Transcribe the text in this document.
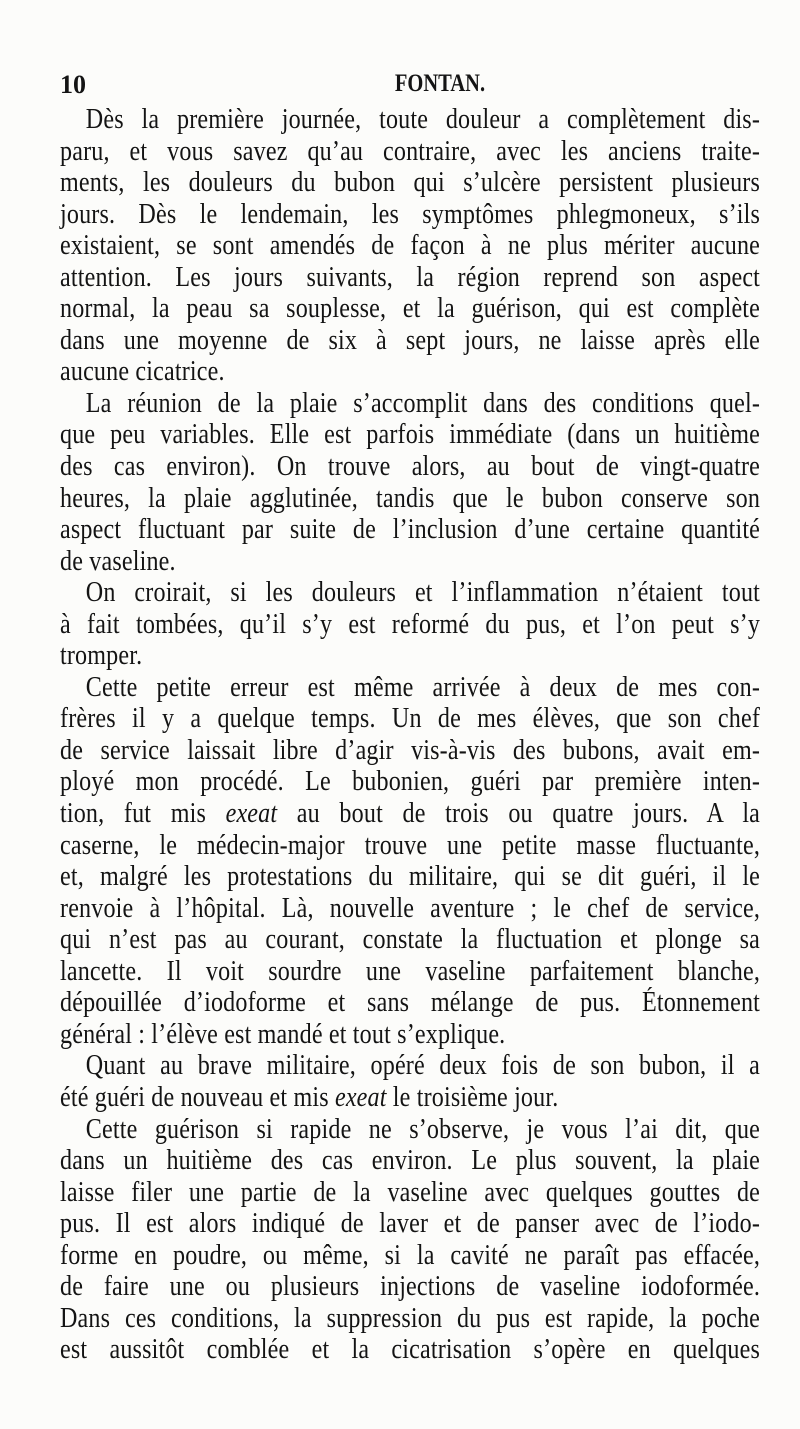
10	FONTAN.
Dès la première journée, toute douleur a complètement dis-
paru, et vous savez qu’au contraire, avec les anciens traite-
ments, les douleurs du bubon qui s’ulcère persistent plusieurs
jours. Dès le lendemain, les symptômes phlegmoneux, s’ils
existaient, se sont amendés de façon à ne plus mériter aucune
attention. Les jours suivants, la région reprend son aspect
normal, la peau sa souplesse, et la guérison, qui est complète
dans une moyenne de six à sept jours, ne laisse après elle
aucune cicatrice.
La réunion de la plaie s’accomplit dans des conditions quel-
que peu variables. Elle est parfois immédiate (dans un huitième
des cas environ). On trouve alors, au bout de vingt-quatre
heures, la plaie agglutinée, tandis que le bubon conserve son
aspect fluctuant par suite de l’inclusion d’une certaine quantité
de vaseline.
On croirait, si les douleurs et l’inflammation n’étaient tout
à fait tombées, qu’il s’y est reformé du pus, et l’on peut s’y
tromper.
Cette petite erreur est même arrivée à deux de mes con-
frères il y a quelque temps. Un de mes élèves, que son chef
de service laissait libre d’agir vis-à-vis des bubons, avait em-
ployé mon procédé. Le bubonien, guéri par première inten-
tion, fut mis exeat au bout de trois ou quatre jours. A la
caserne, le médecin-major trouve une petite masse fluctuante,
et, malgré les protestations du militaire, qui se dit guéri, il le
renvoie à l’hôpital. Là, nouvelle aventure ; le chef de service,
qui n’est pas au courant, constate la fluctuation et plonge sa
lancette. Il voit sourdre une vaseline parfaitement blanche,
dépouillée d’iodoforme et sans mélange de pus. Étonnement
général : l’élève est mandé et tout s’explique.
Quant au brave militaire, opéré deux fois de son bubon, il a
été guéri de nouveau et mis exeat le troisième jour.
Cette guérison si rapide ne s’observe, je vous l’ai dit, que
dans un huitième des cas environ. Le plus souvent, la plaie
laisse filer une partie de la vaseline avec quelques gouttes de
pus. Il est alors indiqué de laver et de panser avec de l’iodo-
forme en poudre, ou même, si la cavité ne paraît pas effacée,
de faire une ou plusieurs injections de vaseline iodoformée.
Dans ces conditions, la suppression du pus est rapide, la poche
est aussitôt comblée et la cicatrisation s’opère en quelques
